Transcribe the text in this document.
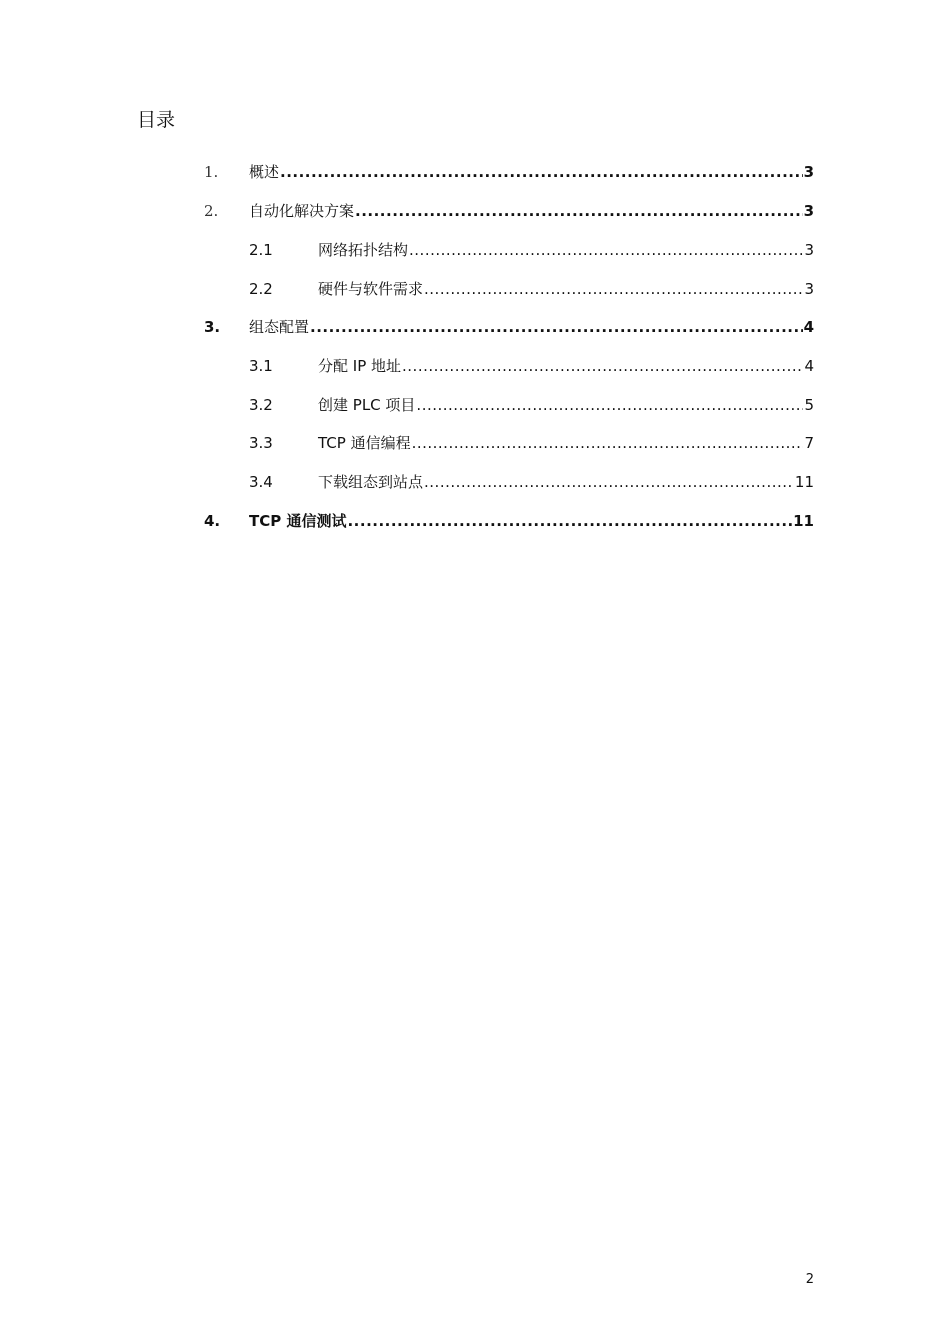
目录
1. 概述 .....	3
2. 自动化解决方案 .....	3
2.1	网络拓扑结构 .....	3
2.2	硬件与软件需求 .....	3
3. 组态配置 .....	4
3.1	分配 IP 地址 .....	4
3.2	创建 PLC 项目 .....	5
3.3	TCP 通信编程 .....	7
3.4	下载组态到站点 .....	11
4. TCP 通信测试 .....	11
2
